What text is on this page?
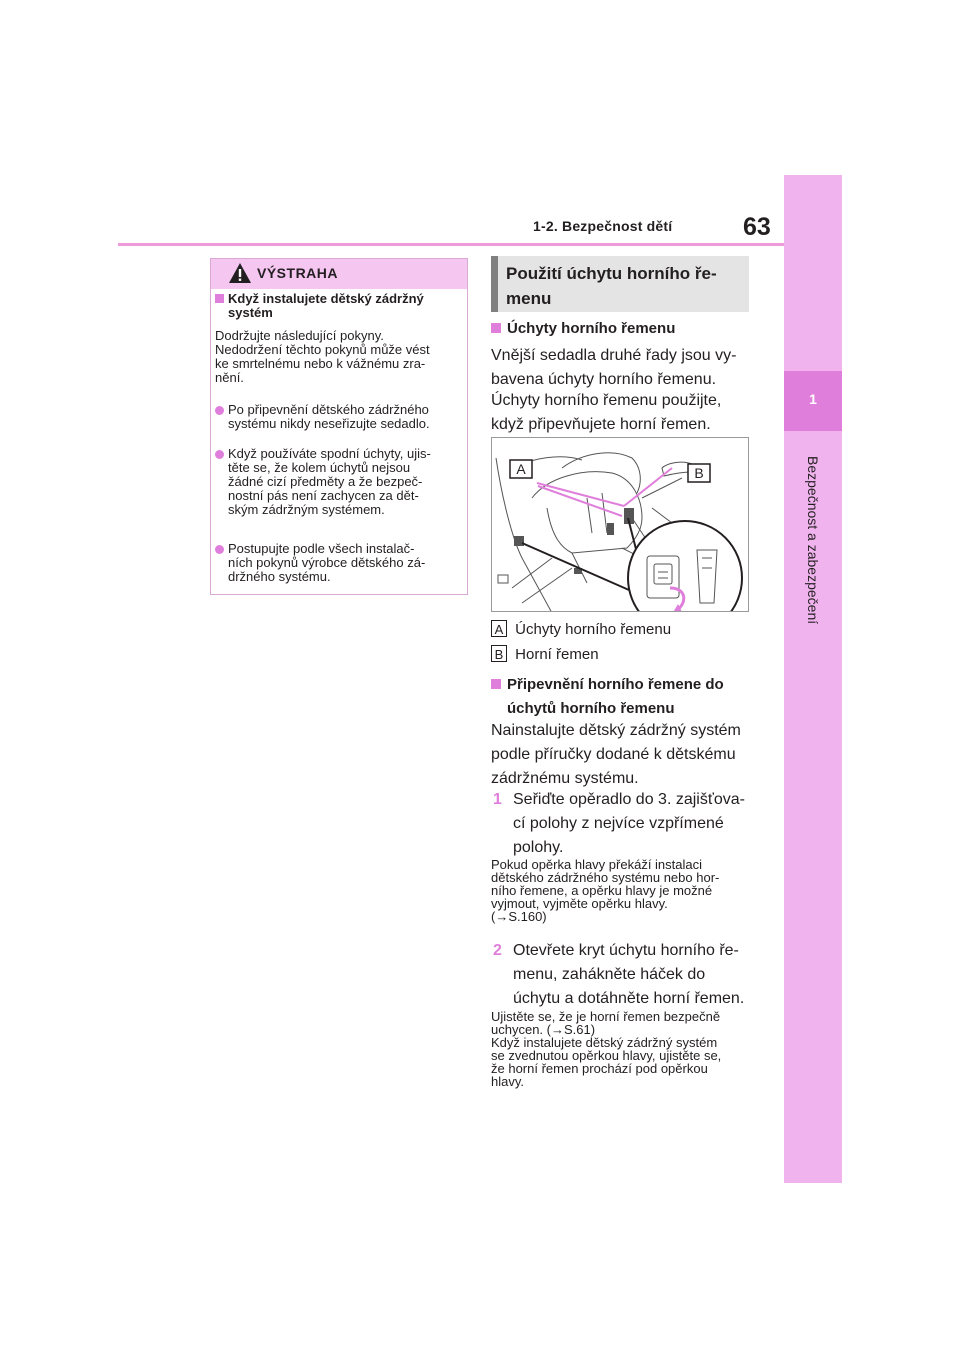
1-2. Bezpečnost dětí	63
1
Bezpečnost a zabezpečení
VÝSTRAHA
Když instalujete dětský zádržný
systém
Dodržujte následující pokyny.
Nedodržení těchto pokynů může vést
ke smrtelnému nebo k vážnému zra-
nění.
Po připevnění dětského zádržného
systému nikdy neseřizujte sedadlo.
Když používáte spodní úchyty, ujis-
těte se, že kolem úchytů nejsou
žádné cizí předměty a že bezpeč-
nostní pás není zachycen za dět-
ským zádržným systémem.
Postupujte podle všech instalač-
ních pokynů výrobce dětského zá-
držného systému.
Použití úchytu horního ře-
menu
Úchyty horního řemenu
Vnější sedadla druhé řady jsou vy-
bavena úchyty horního řemenu.
Úchyty horního řemenu použijte,
když připevňujete horní řemen.
A	B
A Úchyty horního řemenu
B Horní řemen
Připevnění horního řemene do
úchytů horního řemenu
Nainstalujte dětský zádržný systém
podle příručky dodané k dětskému
zádržnému systému.
1 Seřiďte opěradlo do 3. zajišťova-
cí polohy z nejvíce vzpřímené
polohy.
Pokud opěrka hlavy překáží instalaci
dětského zádržného systému nebo hor-
ního řemene, a opěrku hlavy je možné
vyjmout, vyjměte opěrku hlavy.
(→S.160)
2 Otevřete kryt úchytu horního ře-
menu, zahákněte háček do
úchytu a dotáhněte horní řemen.
Ujistěte se, že je horní řemen bezpečně
uchycen. (→S.61)
Když instalujete dětský zádržný systém
se zvednutou opěrkou hlavy, ujistěte se,
že horní řemen prochází pod opěrkou
hlavy.
